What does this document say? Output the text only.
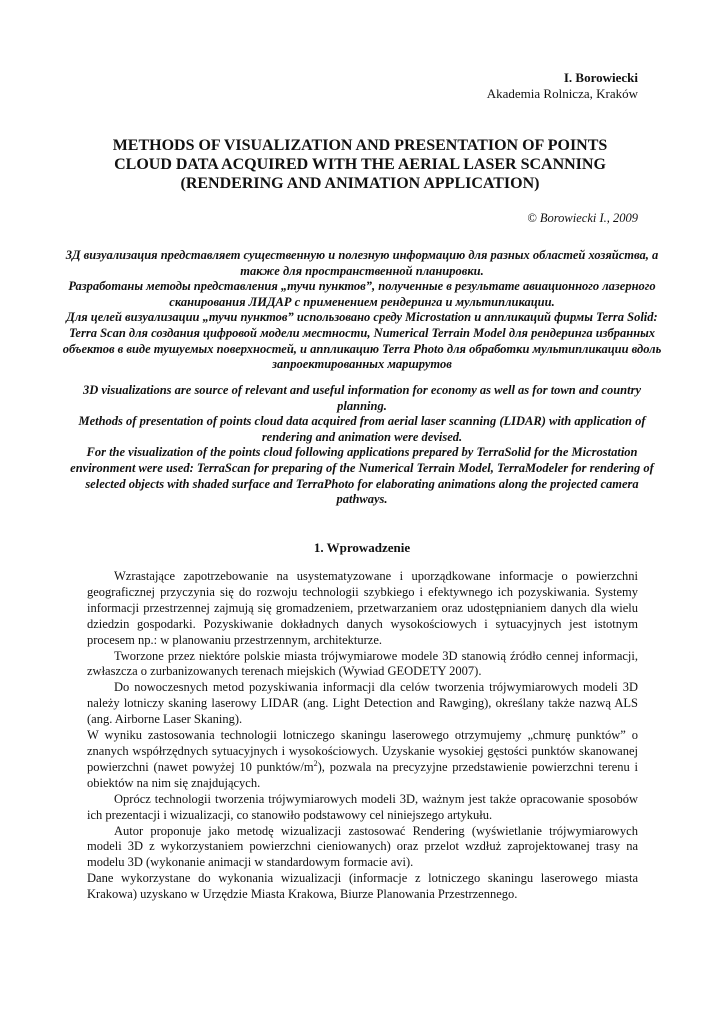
I. Borowiecki
Akademia Rolnicza, Kraków
METHODS OF VISUALIZATION AND PRESENTATION OF POINTS
CLOUD DATA ACQUIRED WITH THE AERIAL LASER SCANNING
(RENDERING AND ANIMATION APPLICATION)
© Borowiecki I., 2009

3Д визуализация представляет существенную и полезную информацию для разных областей хозяйства, а также для пространственной планировки.

Разработаны методы представления „тучи пунктов”, полученные в результате авиационного лазерного сканирования ЛИДАР с применением рендеринга и мультипликации.

Для целей визуализации „тучи пунктов” использовано среду Microstation и аппликаций фирмы Terra Solid: Terra Scan для создания цифровой модели местности, Numerical Terrain Model для рендеринга избранных объектов в виде тушуемых поверхностей, и аппликацию Terra Photo для обработки мультипликации вдоль запроектированных маршрутов

3D visualizations are source of relevant and useful information for economy as well as for town and country planning.

Methods of presentation of points cloud data acquired from aerial laser scanning (LIDAR) with application of rendering and animation were devised.

For the visualization of the points cloud following applications prepared by TerraSolid for the Microstation environment were used: TerraScan for preparing of the Numerical Terrain Model, TerraModeler for rendering of selected objects with shaded surface and TerraPhoto for elaborating animations along the projected camera pathways.

1. Wprowadzenie

Wzrastające zapotrzebowanie na usystematyzowane i uporządkowane informacje o powierzchni geograficznej przyczynia się do rozwoju technologii szybkiego i efektywnego ich pozyskiwania. Systemy informacji przestrzennej zajmują się gromadzeniem, przetwarzaniem oraz udostępnianiem danych dla wielu dziedzin gospodarki. Pozyskiwanie dokładnych danych wysokościowych i sytuacyjnych jest istotnym procesem np.: w planowaniu przestrzennym, architekturze.

Tworzone przez niektóre polskie miasta trójwymiarowe modele 3D stanowią źródło cennej informacji, zwłaszcza o zurbanizowanych terenach miejskich (Wywiad GEODETY 2007).

Do nowoczesnych metod pozyskiwania informacji dla celów tworzenia trójwymiarowych modeli 3D należy lotniczy skaning laserowy LIDAR (ang. Light Detection and Rawging), określany także nazwą ALS (ang. Airborne Laser Skaning).

W wyniku zastosowania technologii lotniczego skaningu laserowego otrzymujemy „chmurę punktów” o znanych współrzędnych sytuacyjnych i wysokościowych. Uzyskanie wysokiej gęstości punktów skanowanej powierzchni (nawet powyżej 10 punktów/$m^2$), pozwala na precyzyjne przedstawienie powierzchni terenu i obiektów na nim się znajdujących.

Oprócz technologii tworzenia trójwymiarowych modeli 3D, ważnym jest także opracowanie sposobów ich prezentacji i wizualizacji, co stanowiło podstawowy cel niniejszego artykułu.

Autor proponuje jako metodę wizualizacji zastosować Rendering (wyświetlanie trójwymiarowych modeli 3D z wykorzystaniem powierzchni cieniowanych) oraz przelot wzdłuż zaprojektowanej trasy na modelu 3D (wykonanie animacji w standardowym formacie avi).

Dane wykorzystane do wykonania wizualizacji (informacje z lotniczego skaningu laserowego miasta Krakowa) uzyskano w Urzędzie Miasta Krakowa, Biurze Planowania Przestrzennego.
